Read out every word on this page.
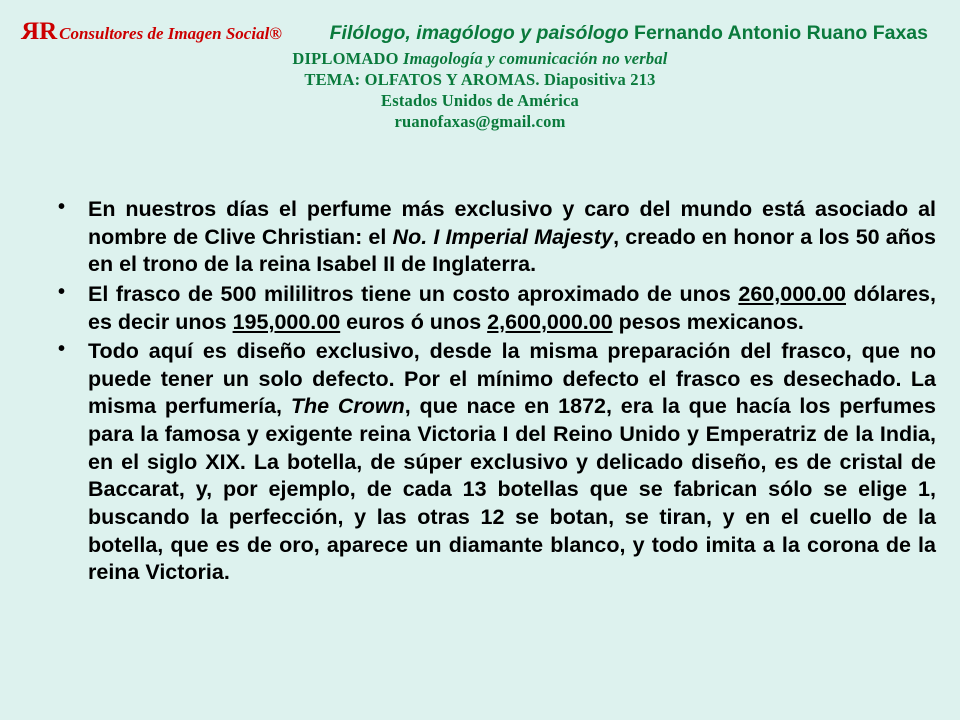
RR Consultores de Imagen Social® Filólogo, imagólogo y paisólogo Fernando Antonio Ruano Faxas
DIPLOMADO Imagología y comunicación no verbal
TEMA: OLFATOS Y AROMAS. Diapositiva 213
Estados Unidos de América
ruanofaxas@gmail.com
• En nuestros días el perfume más exclusivo y caro del mundo está asociado al nombre de Clive Christian: el No. I Imperial Majesty, creado en honor a los 50 años en el trono de la reina Isabel II de Inglaterra.
• El frasco de 500 mililitros tiene un costo aproximado de unos 260,000.00 dólares, es decir unos 195,000.00 euros ó unos 2,600,000.00 pesos mexicanos.
• Todo aquí es diseño exclusivo, desde la misma preparación del frasco, que no puede tener un solo defecto. Por el mínimo defecto el frasco es desechado. La misma perfumería, The Crown, que nace en 1872, era la que hacía los perfumes para la famosa y exigente reina Victoria I del Reino Unido y Emperatriz de la India, en el siglo XIX. La botella, de súper exclusivo y delicado diseño, es de cristal de Baccarat, y, por ejemplo, de cada 13 botellas que se fabrican sólo se elige 1, buscando la perfección, y las otras 12 se botan, se tiran, y en el cuello de la botella, que es de oro, aparece un diamante blanco, y todo imita a la corona de la reina Victoria.
